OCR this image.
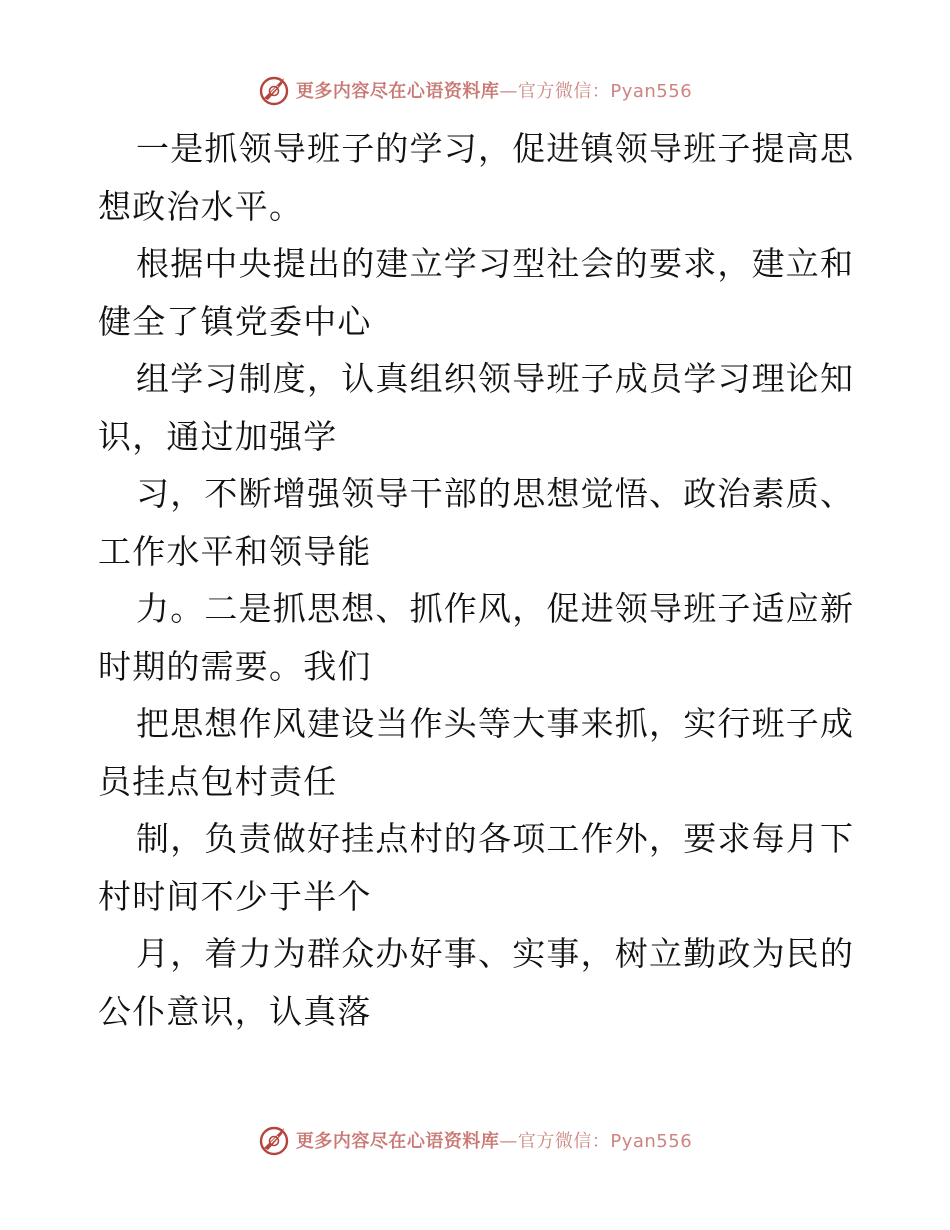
更多内容尽在心语资料库—官方微信：Pyan556

一是抓领导班子的学习，促进镇领导班子提高思
想政治水平。

根据中央提出的建立学习型社会的要求，建立和
健全了镇党委中心

组学习制度，认真组织领导班子成员学习理论知
识，通过加强学

习，不断增强领导干部的思想觉悟、政治素质、
工作水平和领导能

力。二是抓思想、抓作风，促进领导班子适应新
时期的需要。我们

把思想作风建设当作头等大事来抓，实行班子成
员挂点包村责任

制，负责做好挂点村的各项工作外，要求每月下
村时间不少于半个

月，着力为群众办好事、实事，树立勤政为民的
公仆意识，认真落

更多内容尽在心语资料库—官方微信：Pyan556
